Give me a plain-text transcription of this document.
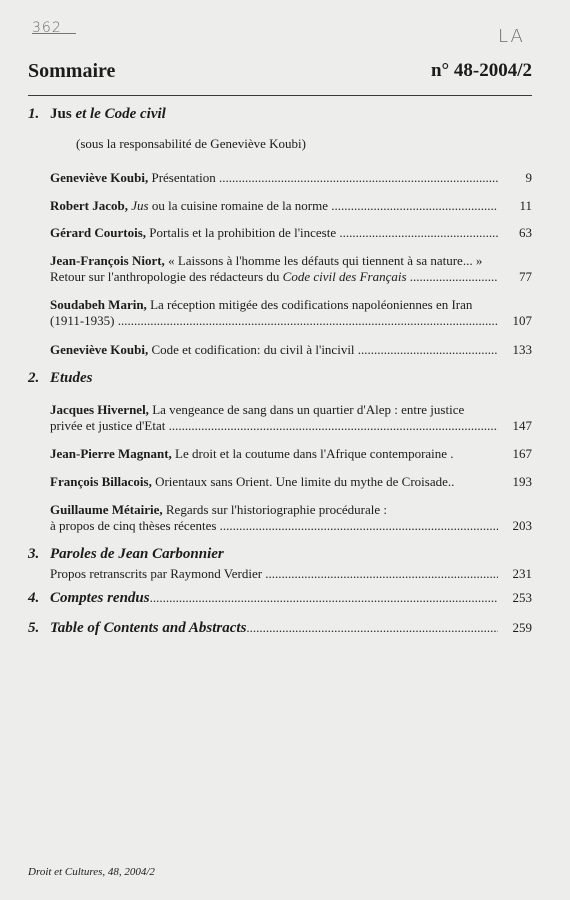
362	LA
Sommaire	n° 48-2004/2
1. Jus et le Code civil
(sous la responsabilité de Geneviève Koubi)
Geneviève Koubi, Présentation .....	9
Robert Jacob, Jus ou la cuisine romaine de la norme .....	11
Gérard Courtois, Portalis et la prohibition de l'inceste .....	63
Jean-François Niort, « Laissons à l'homme les défauts qui tiennent à sa nature... »
Retour sur l'anthropologie des rédacteurs du Code civil des Français .....	77
Soudabeh Marin, La réception mitigée des codifications napoléoniennes en Iran
(1911-1935) .....	107
Geneviève Koubi, Code et codification: du civil à l'incivil .....	133
2. Etudes
Jacques Hivernel, La vengeance de sang dans un quartier d'Alep : entre justice
privée et justice d'Etat .....	147
Jean-Pierre Magnant, Le droit et la coutume dans l'Afrique contemporaine .	167
François Billacois, Orientaux sans Orient. Une limite du mythe de Croisade..	193
Guillaume Métairie, Regards sur l'historiographie procédurale :
à propos de cinq thèses récentes .....	203
3. Paroles de Jean Carbonnier
Propos retranscrits par Raymond Verdier .....	231
4. Comptes rendus .....	253
5. Table of Contents and Abstracts .....	259
Droit et Cultures, 48, 2004/2
